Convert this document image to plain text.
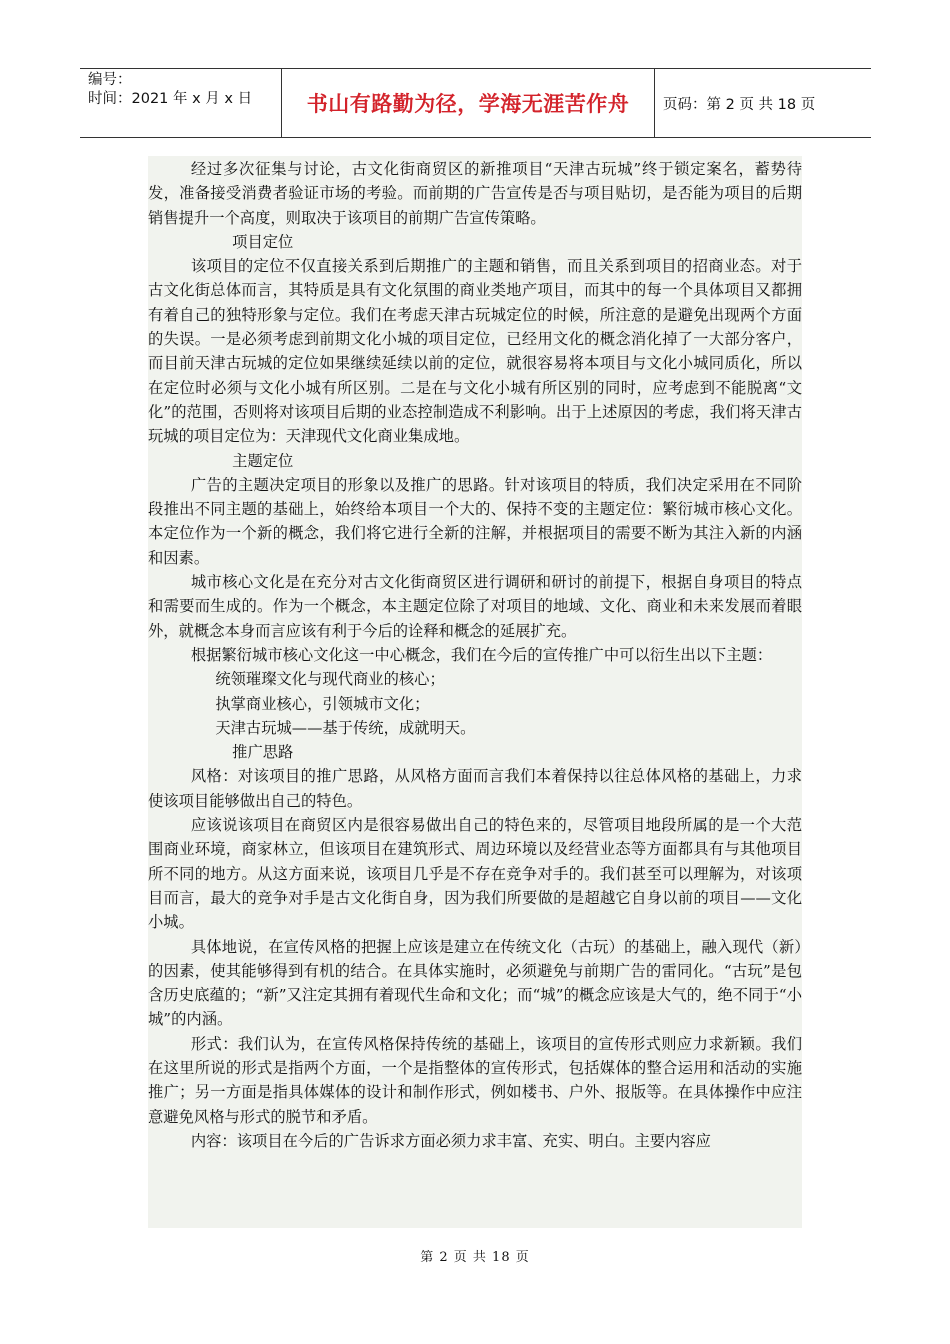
编号：
时间：2021 年 x 月 x 日	书山有路勤为径，学海无涯苦作舟	页码：第 2 页 共 18 页

经过多次征集与讨论，古文化街商贸区的新推项目“天津古玩城”终于锁定案名，蓄势待发，准备接受消费者验证市场的考验。而前期的广告宣传是否与项目贴切，是否能为项目的后期销售提升一个高度，则取决于该项目的前期广告宣传策略。

项目定位

该项目的定位不仅直接关系到后期推广的主题和销售，而且关系到项目的招商业态。对于古文化街总体而言，其特质是具有文化氛围的商业类地产项目，而其中的每一个具体项目又都拥有着自己的独特形象与定位。我们在考虑天津古玩城定位的时候，所注意的是避免出现两个方面的失误。一是必须考虑到前期文化小城的项目定位，已经用文化的概念消化掉了一大部分客户，而目前天津古玩城的定位如果继续延续以前的定位，就很容易将本项目与文化小城同质化，所以在定位时必须与文化小城有所区别。二是在与文化小城有所区别的同时，应考虑到不能脱离“文化”的范围，否则将对该项目后期的业态控制造成不利影响。出于上述原因的考虑，我们将天津古玩城的项目定位为：天津现代文化商业集成地。

主题定位

广告的主题决定项目的形象以及推广的思路。针对该项目的特质，我们决定采用在不同阶段推出不同主题的基础上，始终给本项目一个大的、保持不变的主题定位：繁衍城市核心文化。本定位作为一个新的概念，我们将它进行全新的注解，并根据项目的需要不断为其注入新的内涵和因素。

城市核心文化是在充分对古文化街商贸区进行调研和研讨的前提下，根据自身项目的特点和需要而生成的。作为一个概念，本主题定位除了对项目的地域、文化、商业和未来发展而着眼外，就概念本身而言应该有利于今后的诠释和概念的延展扩充。

根据繁衍城市核心文化这一中心概念，我们在今后的宣传推广中可以衍生出以下主题：

统领璀璨文化与现代商业的核心；

执掌商业核心，引领城市文化；

天津古玩城——基于传统，成就明天。

推广思路

风格：对该项目的推广思路，从风格方面而言我们本着保持以往总体风格的基础上，力求使该项目能够做出自己的特色。

应该说该项目在商贸区内是很容易做出自己的特色来的，尽管项目地段所属的是一个大范围商业环境，商家林立，但该项目在建筑形式、周边环境以及经营业态等方面都具有与其他项目所不同的地方。从这方面来说，该项目几乎是不存在竞争对手的。我们甚至可以理解为，对该项目而言，最大的竞争对手是古文化街自身，因为我们所要做的是超越它自身以前的项目——文化小城。

具体地说，在宣传风格的把握上应该是建立在传统文化（古玩）的基础上，融入现代（新）的因素，使其能够得到有机的结合。在具体实施时，必须避免与前期广告的雷同化。“古玩”是包含历史底蕴的；“新”又注定其拥有着现代生命和文化；而“城”的概念应该是大气的，绝不同于“小城”的内涵。

形式：我们认为，在宣传风格保持传统的基础上，该项目的宣传形式则应力求新颖。我们在这里所说的形式是指两个方面，一个是指整体的宣传形式，包括媒体的整合运用和活动的实施推广；另一方面是指具体媒体的设计和制作形式，例如楼书、户外、报版等。在具体操作中应注意避免风格与形式的脱节和矛盾。

内容：该项目在今后的广告诉求方面必须力求丰富、充实、明白。主要内容应

第 2 页 共 18 页
